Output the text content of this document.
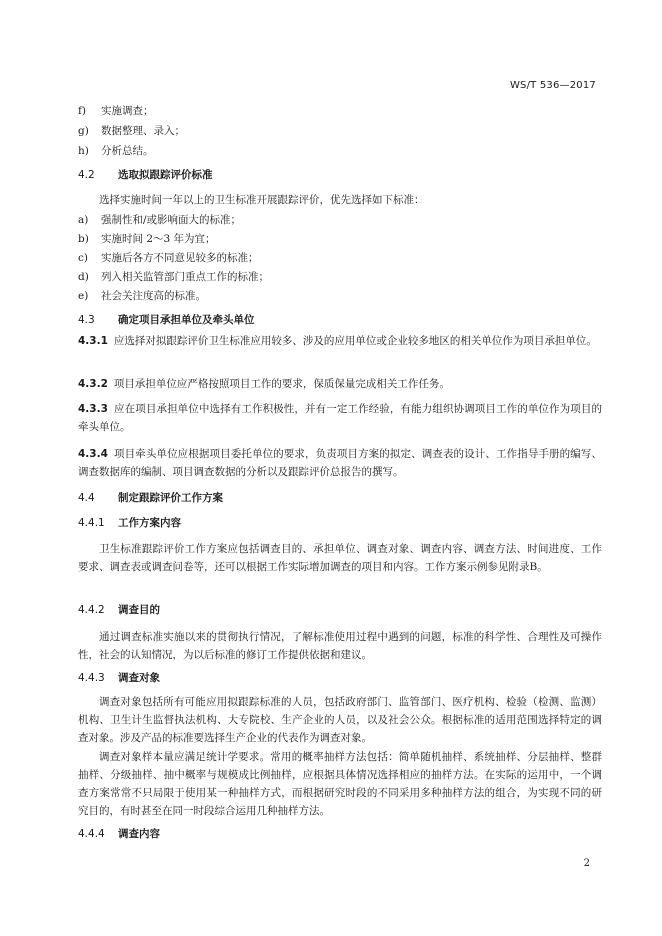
WS/T 536—2017
f) 实施调查；
g) 数据整理、录入；
h) 分析总结。
4.2 选取拟跟踪评价标准
选择实施时间一年以上的卫生标准开展跟踪评价，优先选择如下标准：
a) 强制性和/或影响面大的标准；
b) 实施时间 2～3 年为宜；
c) 实施后各方不同意见较多的标准；
d) 列入相关监管部门重点工作的标准；
e) 社会关注度高的标准。
4.3 确定项目承担单位及牵头单位
4.3.1 应选择对拟跟踪评价卫生标准应用较多、涉及的应用单位或企业较多地区的相关单位作为项目承担单位。
4.3.2 项目承担单位应严格按照项目工作的要求，保质保量完成相关工作任务。
4.3.3 应在项目承担单位中选择有工作积极性，并有一定工作经验，有能力组织协调项目工作的单位作为项目的牵头单位。
4.3.4 项目牵头单位应根据项目委托单位的要求，负责项目方案的拟定、调查表的设计、工作指导手册的编写、调查数据库的编制、项目调查数据的分析以及跟踪评价总报告的撰写。
4.4 制定跟踪评价工作方案
4.4.1 工作方案内容
卫生标准跟踪评价工作方案应包括调查目的、承担单位、调查对象、调查内容、调查方法、时间进度、工作要求、调查表或调查问卷等，还可以根据工作实际增加调查的项目和内容。工作方案示例参见附录B。
4.4.2 调查目的
通过调查标准实施以来的贯彻执行情况，了解标准使用过程中遇到的问题，标准的科学性、合理性及可操作性，社会的认知情况，为以后标准的修订工作提供依据和建议。
4.4.3 调查对象
调查对象包括所有可能应用拟跟踪标准的人员，包括政府部门、监管部门、医疗机构、检验（检测、监测）机构、卫生计生监督执法机构、大专院校、生产企业的人员，以及社会公众。根据标准的适用范围选择特定的调查对象。涉及产品的标准要选择生产企业的代表作为调查对象。
调查对象样本量应满足统计学要求。常用的概率抽样方法包括：简单随机抽样、系统抽样、分层抽样、整群抽样、分级抽样、抽中概率与规模成比例抽样，应根据具体情况选择相应的抽样方法。在实际的运用中，一个调查方案常常不只局限于使用某一种抽样方式，而根据研究时段的不同采用多种抽样方法的组合，为实现不同的研究目的，有时甚至在同一时段综合运用几种抽样方法。
4.4.4 调查内容
2
